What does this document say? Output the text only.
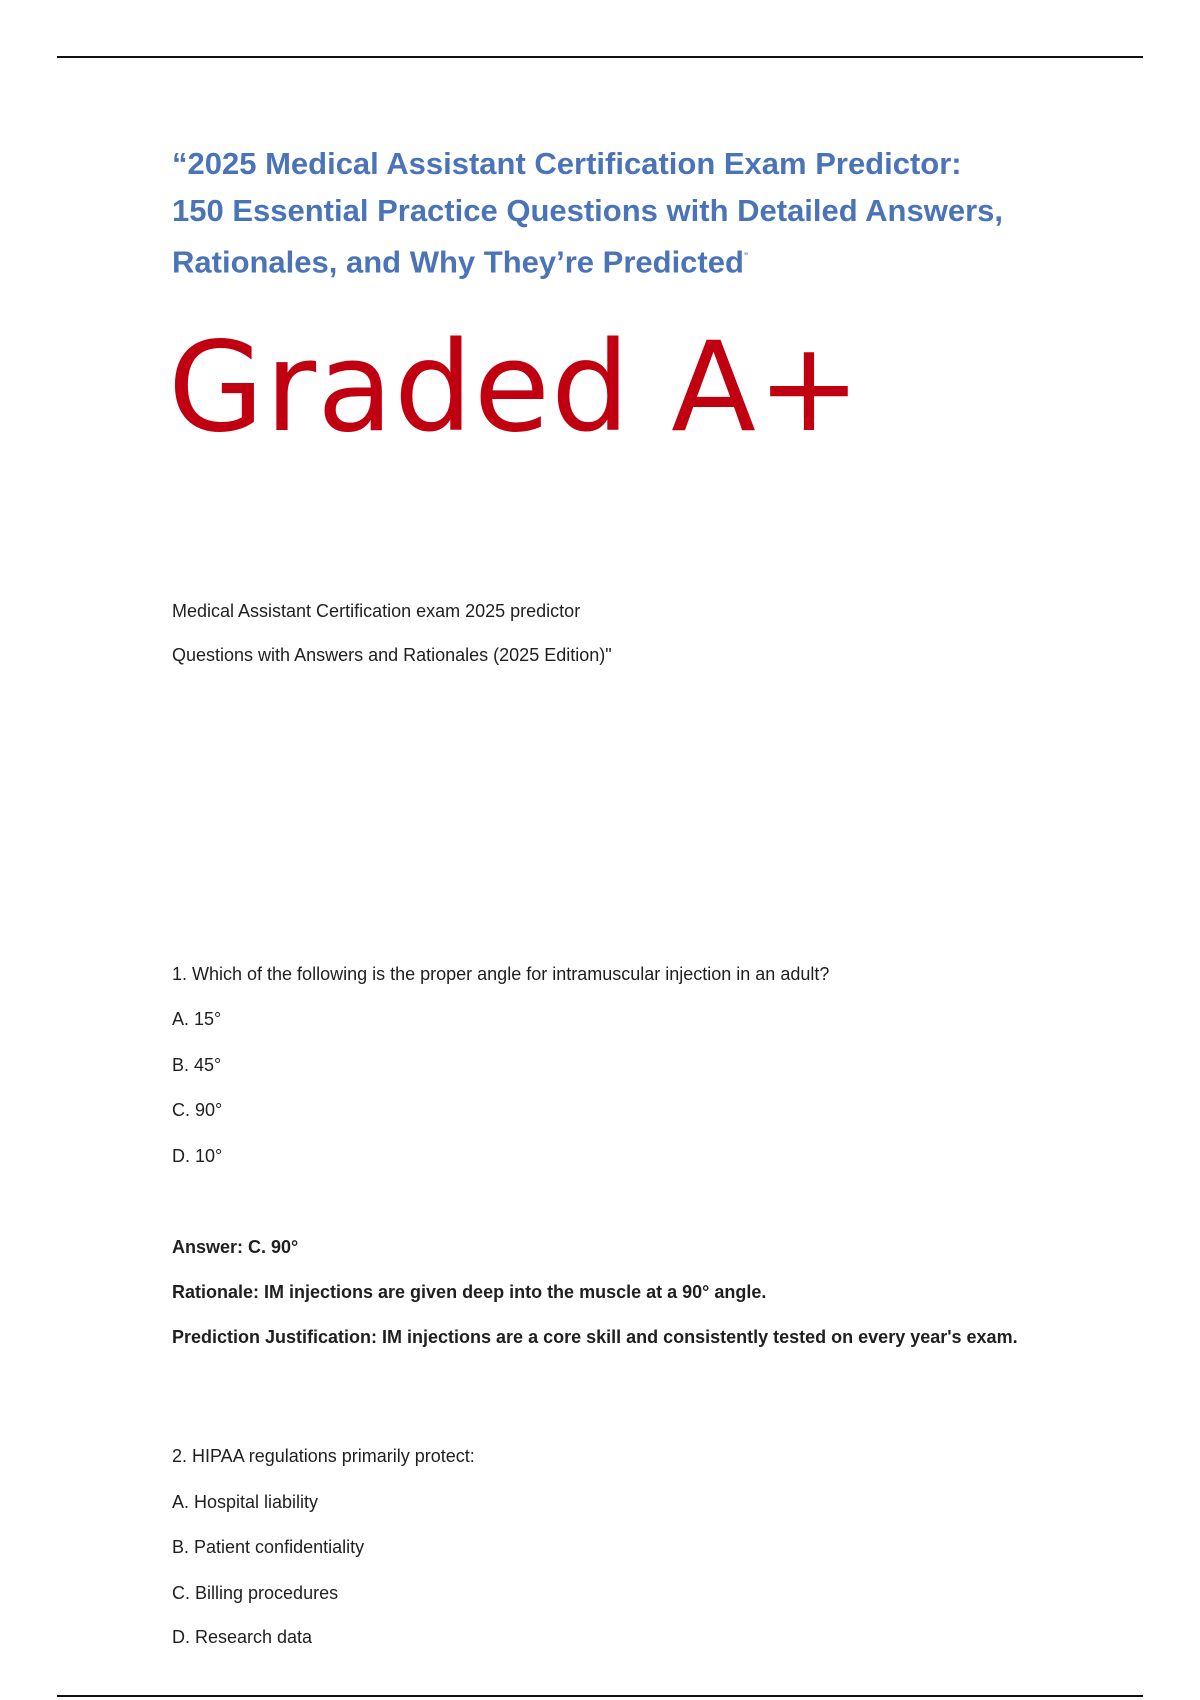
“2025 Medical Assistant Certification Exam Predictor:
150 Essential Practice Questions with Detailed Answers,
Rationales, and Why They’re Predicted”
Graded A+

Medical Assistant Certification exam 2025 predictor

Questions with Answers and Rationales (2025 Edition)"

1. Which of the following is the proper angle for intramuscular injection in an adult?

A. 15°

B. 45°

C. 90°

D. 10°

Answer: C. 90°

Rationale: IM injections are given deep into the muscle at a 90° angle.

Prediction Justification: IM injections are a core skill and consistently tested on every year's exam.

2. HIPAA regulations primarily protect:

A. Hospital liability

B. Patient confidentiality

C. Billing procedures

D. Research data
